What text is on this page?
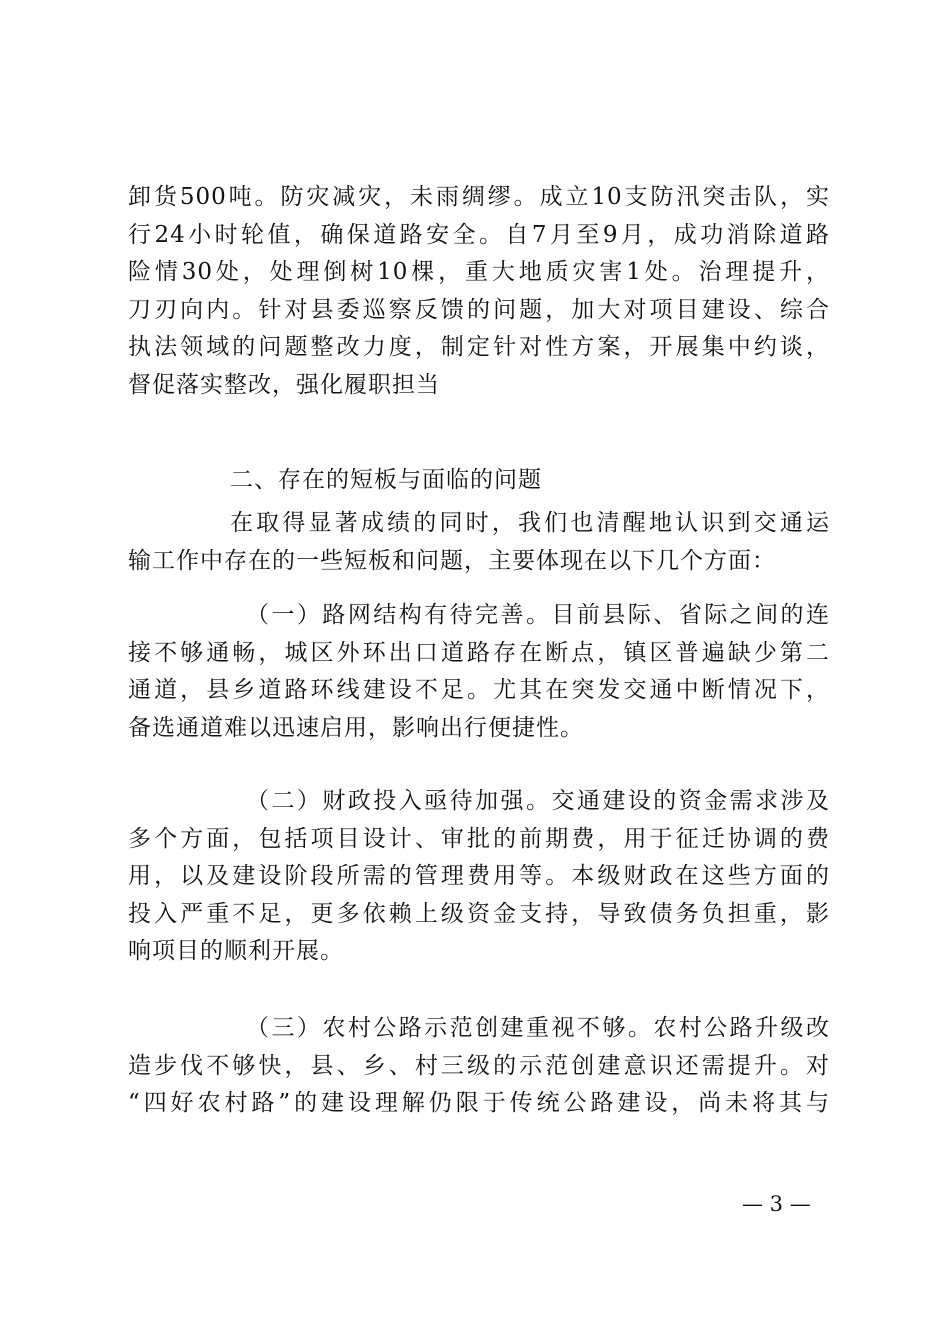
卸货500吨。防灾减灾，未雨绸缪。成立10支防汛突击队，实
行24小时轮值，确保道路安全。自7月至9月，成功消除道路
险情30处，处理倒树10棵，重大地质灾害1处。治理提升，
刀刃向内。针对县委巡察反馈的问题，加大对项目建设、综合
执法领域的问题整改力度，制定针对性方案，开展集中约谈，
督促落实整改，强化履职担当
二、存在的短板与面临的问题
在取得显著成绩的同时，我们也清醒地认识到交通运
输工作中存在的一些短板和问题，主要体现在以下几个方面：
（一）路网结构有待完善。目前县际、省际之间的连
接不够通畅，城区外环出口道路存在断点，镇区普遍缺少第二
通道，县乡道路环线建设不足。尤其在突发交通中断情况下，
备选通道难以迅速启用，影响出行便捷性。
（二）财政投入亟待加强。交通建设的资金需求涉及
多个方面，包括项目设计、审批的前期费，用于征迁协调的费
用，以及建设阶段所需的管理费用等。本级财政在这些方面的
投入严重不足，更多依赖上级资金支持，导致债务负担重，影
响项目的顺利开展。
（三）农村公路示范创建重视不够。农村公路升级改
造步伐不够快，县、乡、村三级的示范创建意识还需提升。对
“四好农村路”的建设理解仍限于传统公路建设，尚未将其与
— 3 —
